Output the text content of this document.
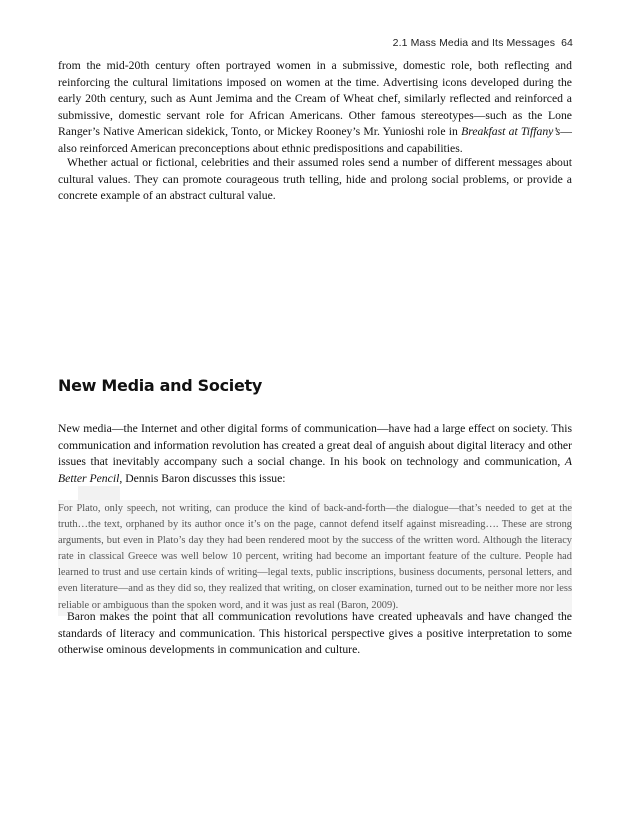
2.1 Mass Media and Its Messages 64

from the mid-20th century often portrayed women in a submissive, domestic role, both reflecting and reinforcing the cultural limitations imposed on women at the time. Advertising icons developed during the early 20th century, such as Aunt Jemima and the Cream of Wheat chef, similarly reflected and reinforced a submissive, domestic servant role for African Americans. Other famous stereotypes—such as the Lone Ranger’s Native American sidekick, Tonto, or Mickey Rooney’s Mr. Yunioshi role in Breakfast at Tiffany’s—also reinforced American preconceptions about ethnic predispositions and capabilities.

Whether actual or fictional, celebrities and their assumed roles send a number of different messages about cultural values. They can promote courageous truth telling, hide and prolong social problems, or provide a concrete example of an abstract cultural value.

New Media and Society

New media—the Internet and other digital forms of communication—have had a large effect on society. This communication and information revolution has created a great deal of anguish about digital literacy and other issues that inevitably accompany such a social change. In his book on technology and communication, A Better Pencil, Dennis Baron discusses this issue:

For Plato, only speech, not writing, can produce the kind of back-and-forth—the dialogue—that’s needed to get at the truth…the text, orphaned by its author once it’s on the page, cannot defend itself against misreading…. These are strong arguments, but even in Plato’s day they had been rendered moot by the success of the written word. Although the literacy rate in classical Greece was well below 10 percent, writing had become an important feature of the culture. People had learned to trust and use certain kinds of writing—legal texts, public inscriptions, business documents, personal letters, and even literature—and as they did so, they realized that writing, on closer examination, turned out to be neither more nor less reliable or ambiguous than the spoken word, and it was just as real (Baron, 2009).

Baron makes the point that all communication revolutions have created upheavals and have changed the standards of literacy and communication. This historical perspective gives a positive interpretation to some otherwise ominous developments in communication and culture.
